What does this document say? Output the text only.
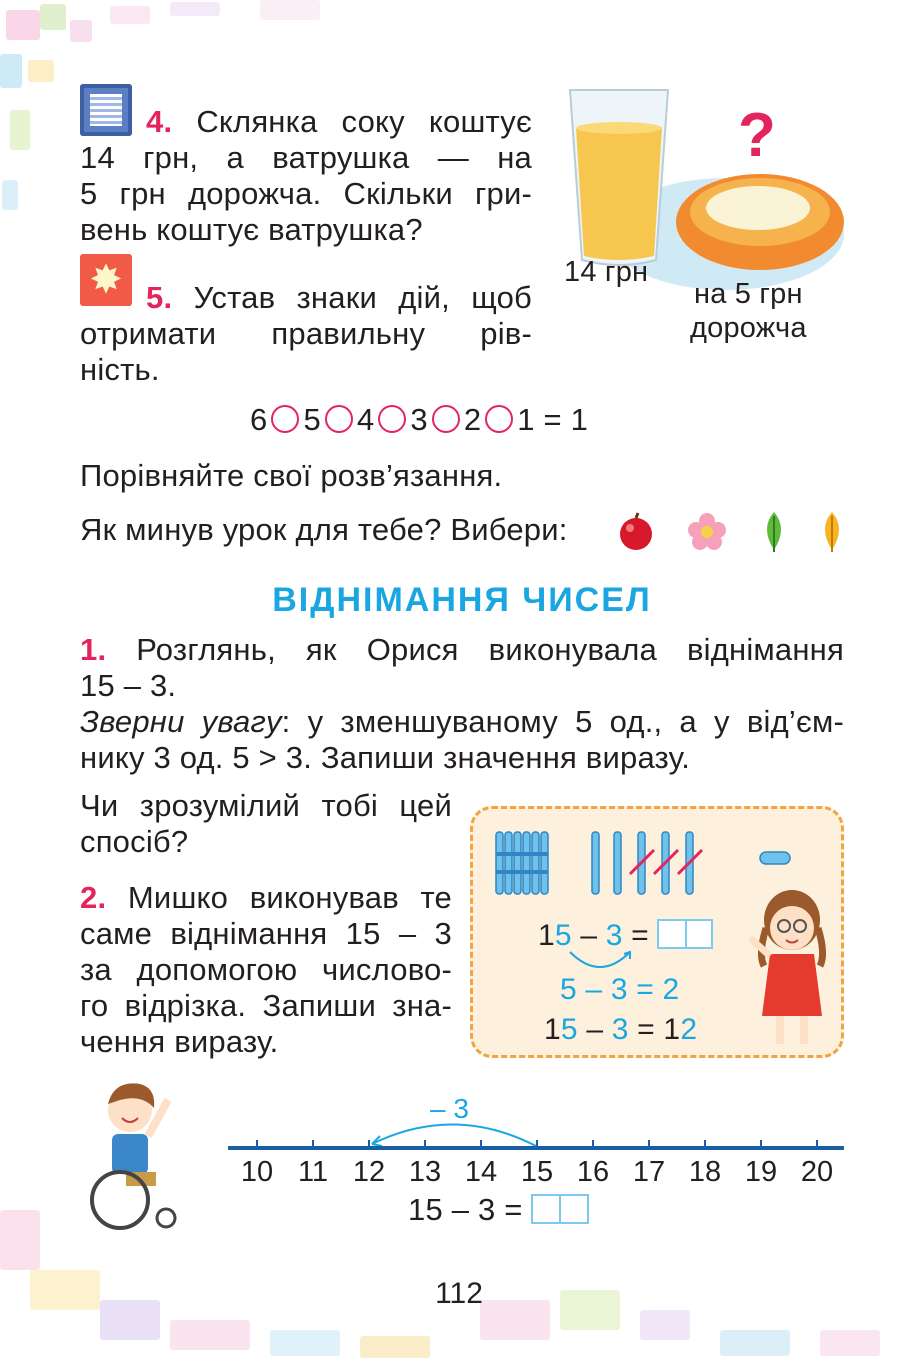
4. Склянка соку коштує
14 грн, а ватрушка — на
5 грн дорожча. Скільки гри-
вень коштує ватрушка?
?
14 грн
на 5 грн
дорожча
✸
5. Устав знаки дій, щоб
отримати правильну рів-
ність.
6 5 4 3 2 1 = 1
Порівняйте свої розв’язання.
Як минув урок для тебе? Вибери:
ВІДНІМАННЯ ЧИСЕЛ
1. Розглянь, як Орися виконувала віднімання
15 – 3.
Зверни увагу: у зменшуваному 5 од., а у від’єм-
нику 3 од. 5 > 3. Запиши значення виразу.
Чи зрозумілий тобі цей
спосіб?
2. Мишко виконував те
саме віднімання 15 – 3
за допомогою числово-
го відрізка. Запиши зна-
чення виразу.
15 – 3 =
5 – 3 = 2
15 – 3 = 12
– 3
10 11 12 13 14 15 16 17 18 19 20
15 – 3 =
112
